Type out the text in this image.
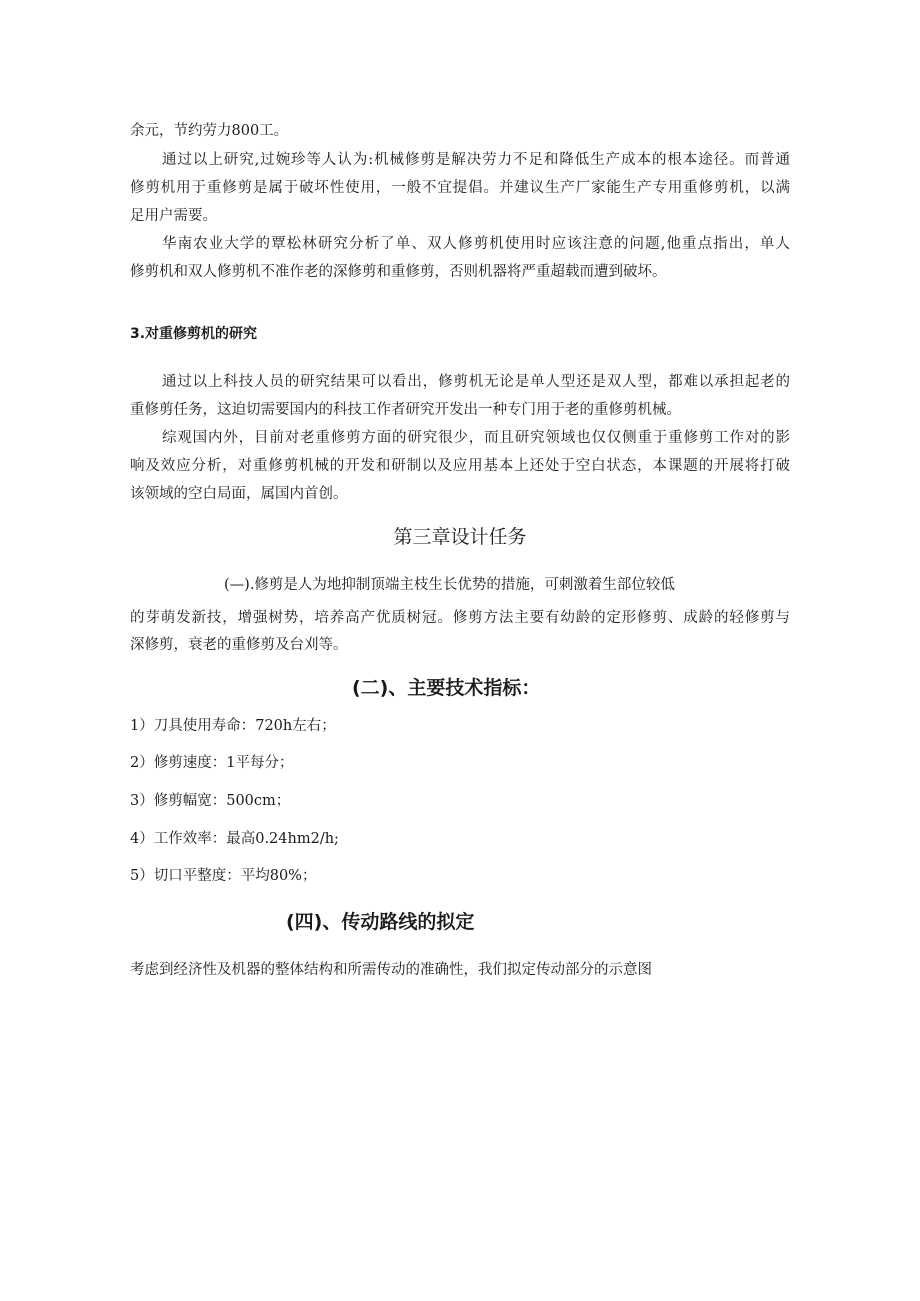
余元，节约劳力800工。
通过以上研究,过婉珍等人认为:机械修剪是解决劳力不足和降低生产成本的根本途径。而普通
修剪机用于重修剪是属于破坏性使用，一般不宜提倡。并建议生产厂家能生产专用重修剪机，以满
足用户需要。
华南农业大学的覃松林研究分析了单、双人修剪机使用时应该注意的问题,他重点指出，单人
修剪机和双人修剪机不准作老的深修剪和重修剪，否则机器将严重超载而遭到破坏。
3.对重修剪机的研究
通过以上科技人员的研究结果可以看出，修剪机无论是单人型还是双人型，都难以承担起老的
重修剪任务，这迫切需要国内的科技工作者研究开发出一种专门用于老的重修剪机械。
综观国内外，目前对老重修剪方面的研究很少，而且研究领域也仅仅侧重于重修剪工作对的影
响及效应分析，对重修剪机械的开发和研制以及应用基本上还处于空白状态，本课题的开展将打破
该领域的空白局面，属国内首创。
第三章设计任务
(—).修剪是人为地抑制顶端主枝生长优势的措施，可刺激着生部位较低
的芽萌发新技，增强树势，培养高产优质树冠。修剪方法主要有幼龄的定形修剪、成龄的轻修剪与
深修剪，衰老的重修剪及台刈等。
(二)、主要技术指标：
1）刀具使用寿命：720h左右；
2）修剪速度：1平每分；
3）修剪幅宽：500cm；
4）工作效率：最高0.24hm2/h;
5）切口平整度：平均80%；
(四)、传动路线的拟定
考虑到经济性及机器的整体结构和所需传动的准确性，我们拟定传动部分的示意图
